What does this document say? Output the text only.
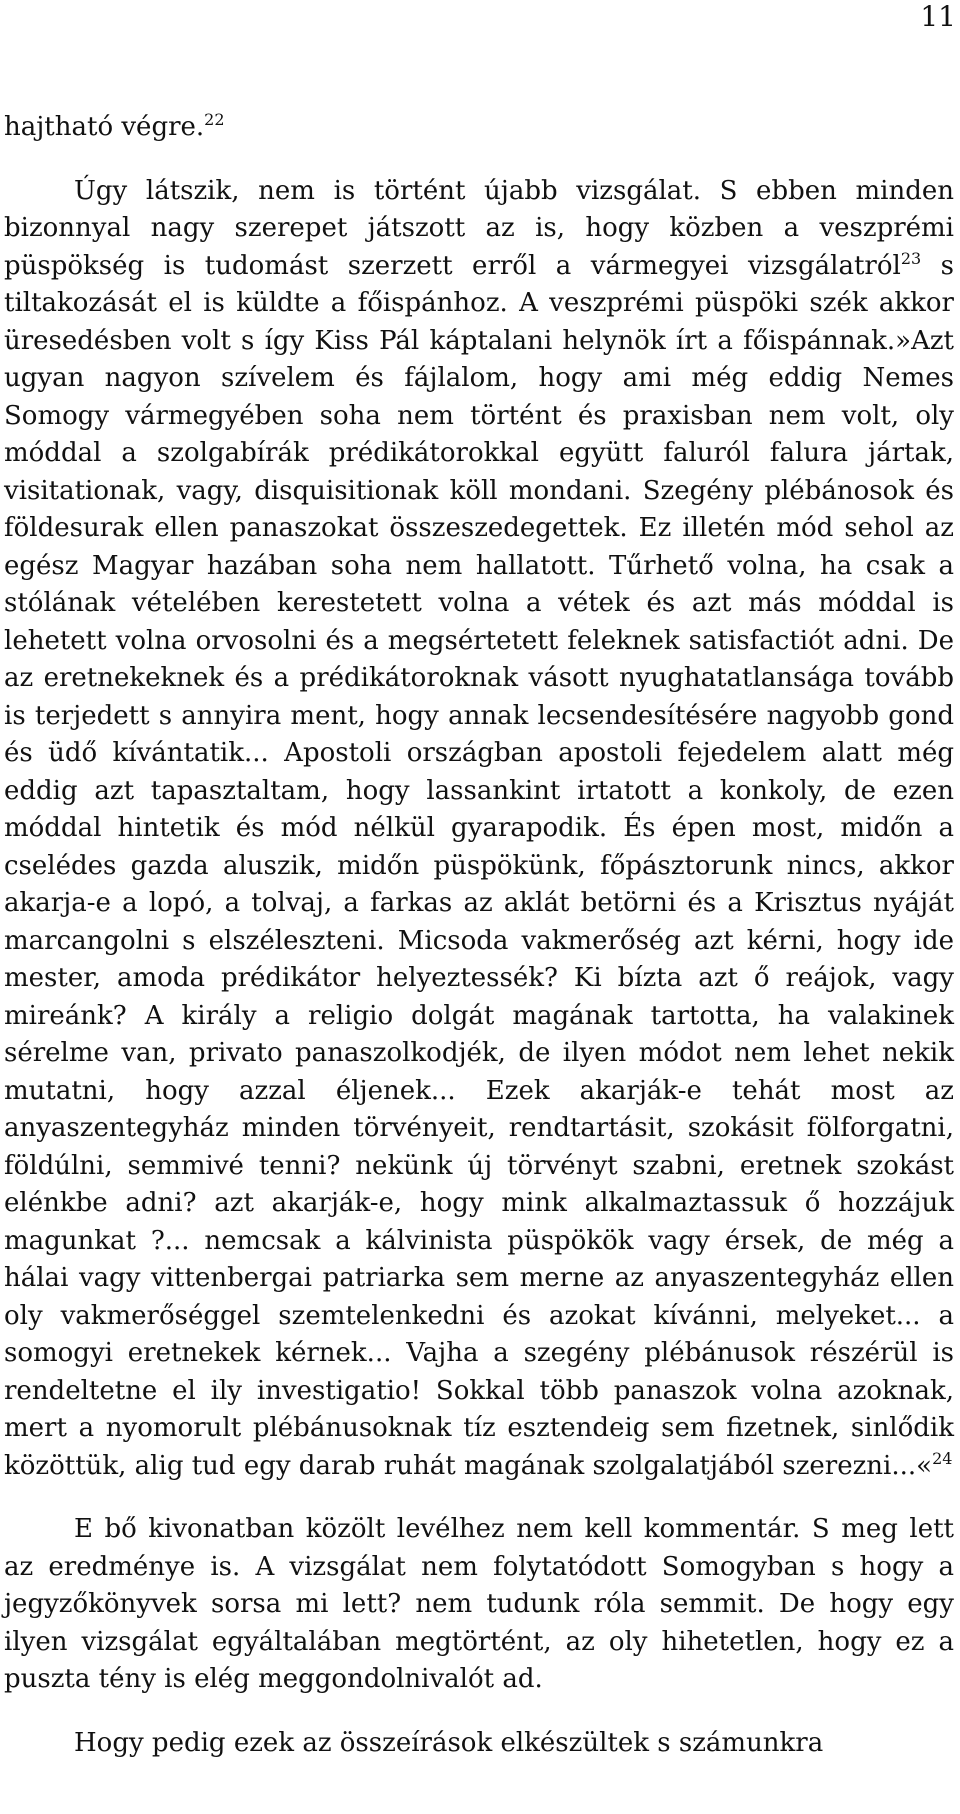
11

hajtható végre.$^{22}$

Úgy látszik, nem is történt újabb vizsgálat. S ebben minden bizonnyal nagy szerepet játszott az is, hogy közben a veszprémi püspökség is tudomást szerzett erről a vármegyei vizsgálatról$^{23}$ s tiltakozását el is küldte a főispánhoz. A veszprémi püspöki szék akkor üresedésben volt s így Kiss Pál káptalani helynök írt a főispánnak.»Azt ugyan nagyon szívelem és fájlalom, hogy ami még eddig Nemes Somogy vármegyében soha nem történt és praxisban nem volt, oly móddal a szolgabírák prédikátorokkal együtt faluról falura jártak, visitationak, vagy, disquisitionak köll mondani. Szegény plébánosok és földesurak ellen panaszokat összeszedegettek. Ez illetén mód sehol az egész Magyar hazában soha nem hallatott. Tűrhető volna, ha csak a stólának vételében kerestetett volna a vétek és azt más móddal is lehetett volna orvosolni és a megsértetett feleknek satisfactiót adni. De az eretnekeknek és a prédikátoroknak vásott nyughatatlansága tovább is terjedett s annyira ment, hogy annak lecsendesítésére nagyobb gond és üdő kívántatik... Apostoli országban apostoli fejedelem alatt még eddig azt tapasztaltam, hogy lassankint irtatott a konkoly, de ezen móddal hintetik és mód nélkül gyarapodik. És épen most, midőn a cselédes gazda aluszik, midőn püspökünk, főpásztorunk nincs, akkor akarja-e a lopó, a tolvaj, a farkas az aklát betörni és a Krisztus nyáját marcangolni s elszéleszteni. Micsoda vakmerőség azt kérni, hogy ide mester, amoda prédikátor helyeztessék? Ki bízta azt ő reájok, vagy mireánk? A király a religio dolgát magának tartotta, ha valakinek sérelme van, privato panaszolkodjék, de ilyen módot nem lehet nekik mutatni, hogy azzal éljenek... Ezek akarják-e tehát most az anyaszentegyház minden törvényeit, rendtartásit, szokásit fölforgatni, földúlni, semmivé tenni? nekünk új törvényt szabni, eretnek szokást elénkbe adni? azt akarják-e, hogy mink alkalmaztassuk ő hozzájuk magunkat ?... nemcsak a kálvinista püspökök vagy érsek, de még a hálai vagy vittenbergai patriarka sem merne az anyaszentegyház ellen oly vakmerőséggel szemtelenkedni és azokat kívánni, melyeket... a somogyi eretnekek kérnek... Vajha a szegény plébánusok részérül is rendeltetne el ily investigatio! Sokkal több panaszok volna azoknak, mert a nyomorult plébánusoknak tíz esztendeig sem fizetnek, sinlődik közöttük, alig tud egy darab ruhát magának szolgalatjából szerezni...«$^{24}$

E bő kivonatban közölt levélhez nem kell kommentár. S meg lett az eredménye is. A vizsgálat nem folytatódott Somogyban s hogy a jegyzőkönyvek sorsa mi lett? nem tudunk róla semmit. De hogy egy ilyen vizsgálat egyáltalában megtörtént, az oly hihetetlen, hogy ez a puszta tény is elég meggondolnivalót ad.

Hogy pedig ezek az összeírások elkészültek s számunkra
